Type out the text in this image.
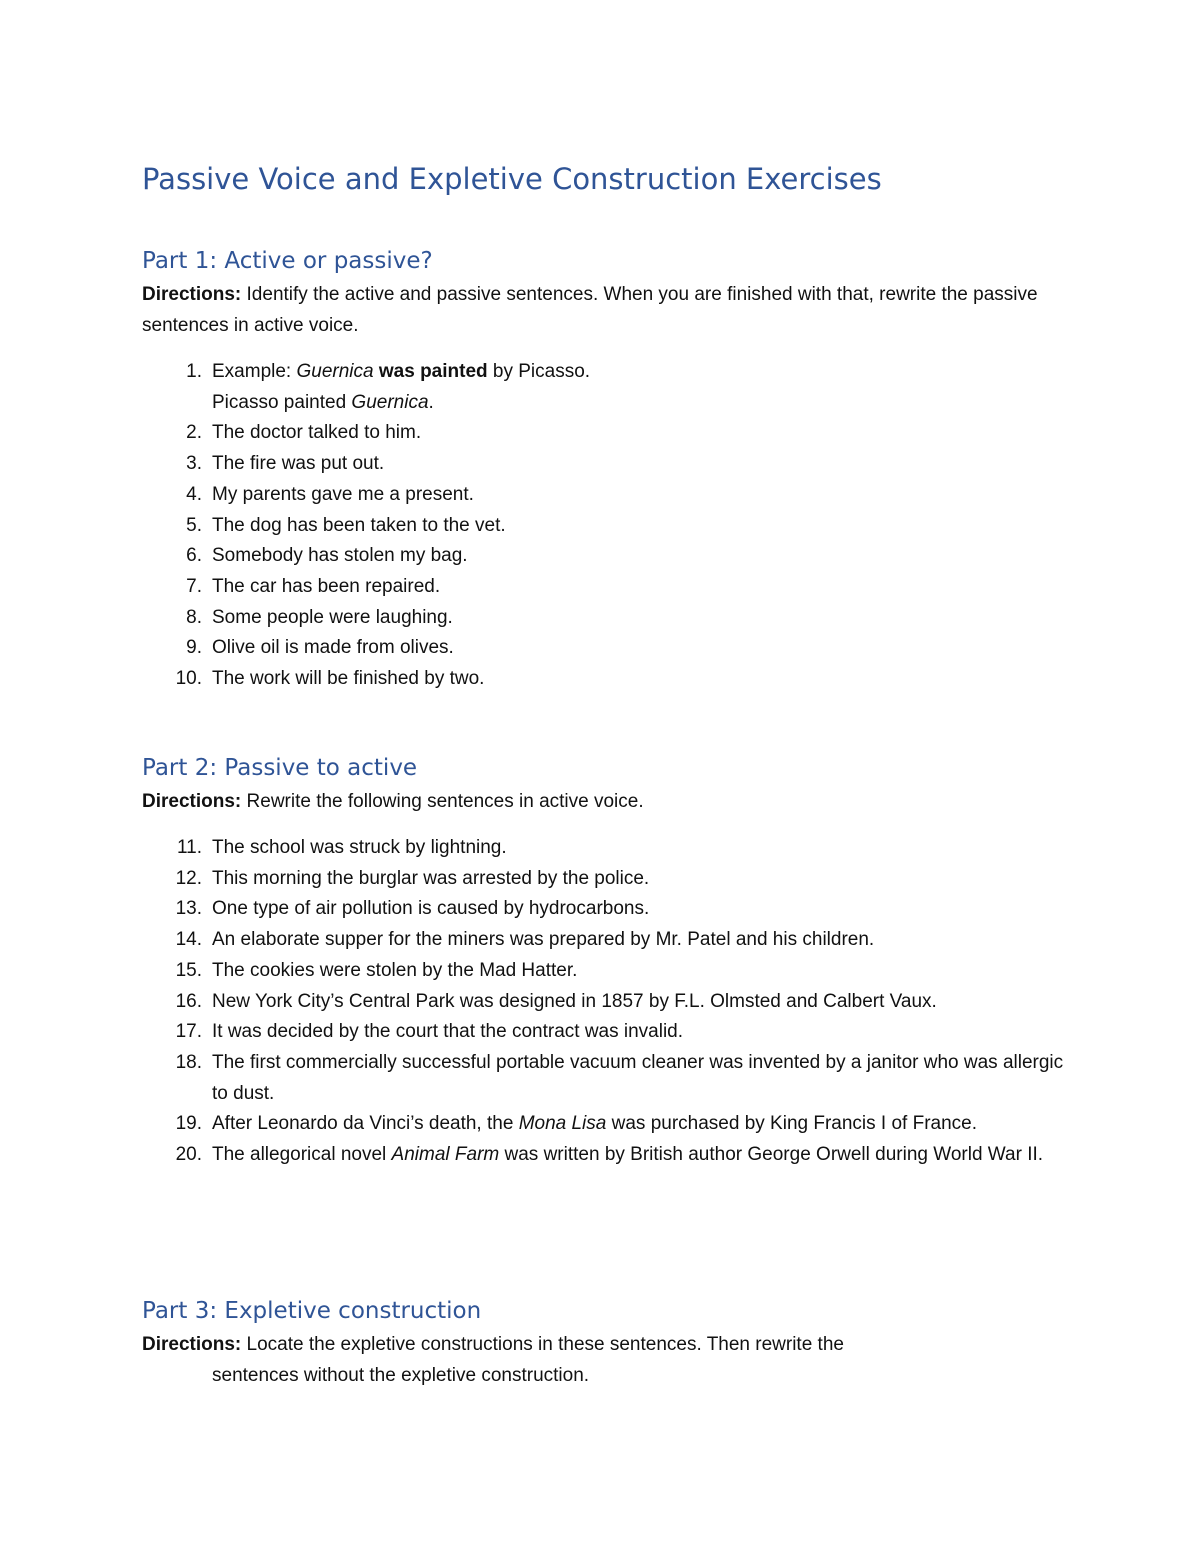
Passive Voice and Expletive Construction Exercises
Part 1: Active or passive?
Directions: Identify the active and passive sentences. When you are finished with that, rewrite the passive sentences in active voice.
1. Example: Guernica was painted by Picasso.
Picasso painted Guernica.
2. The doctor talked to him.
3. The fire was put out.
4. My parents gave me a present.
5. The dog has been taken to the vet.
6. Somebody has stolen my bag.
7. The car has been repaired.
8. Some people were laughing.
9. Olive oil is made from olives.
10. The work will be finished by two.
Part 2: Passive to active
Directions: Rewrite the following sentences in active voice.
11. The school was struck by lightning.
12. This morning the burglar was arrested by the police.
13. One type of air pollution is caused by hydrocarbons.
14. An elaborate supper for the miners was prepared by Mr. Patel and his children.
15. The cookies were stolen by the Mad Hatter.
16. New York City’s Central Park was designed in 1857 by F.L. Olmsted and Calbert Vaux.
17. It was decided by the court that the contract was invalid.
18. The first commercially successful portable vacuum cleaner was invented by a janitor who was allergic to dust.
19. After Leonardo da Vinci’s death, the Mona Lisa was purchased by King Francis I of France.
20. The allegorical novel Animal Farm was written by British author George Orwell during World War II.
Part 3: Expletive construction
Directions: Locate the expletive constructions in these sentences. Then rewrite the
sentences without the expletive construction.
